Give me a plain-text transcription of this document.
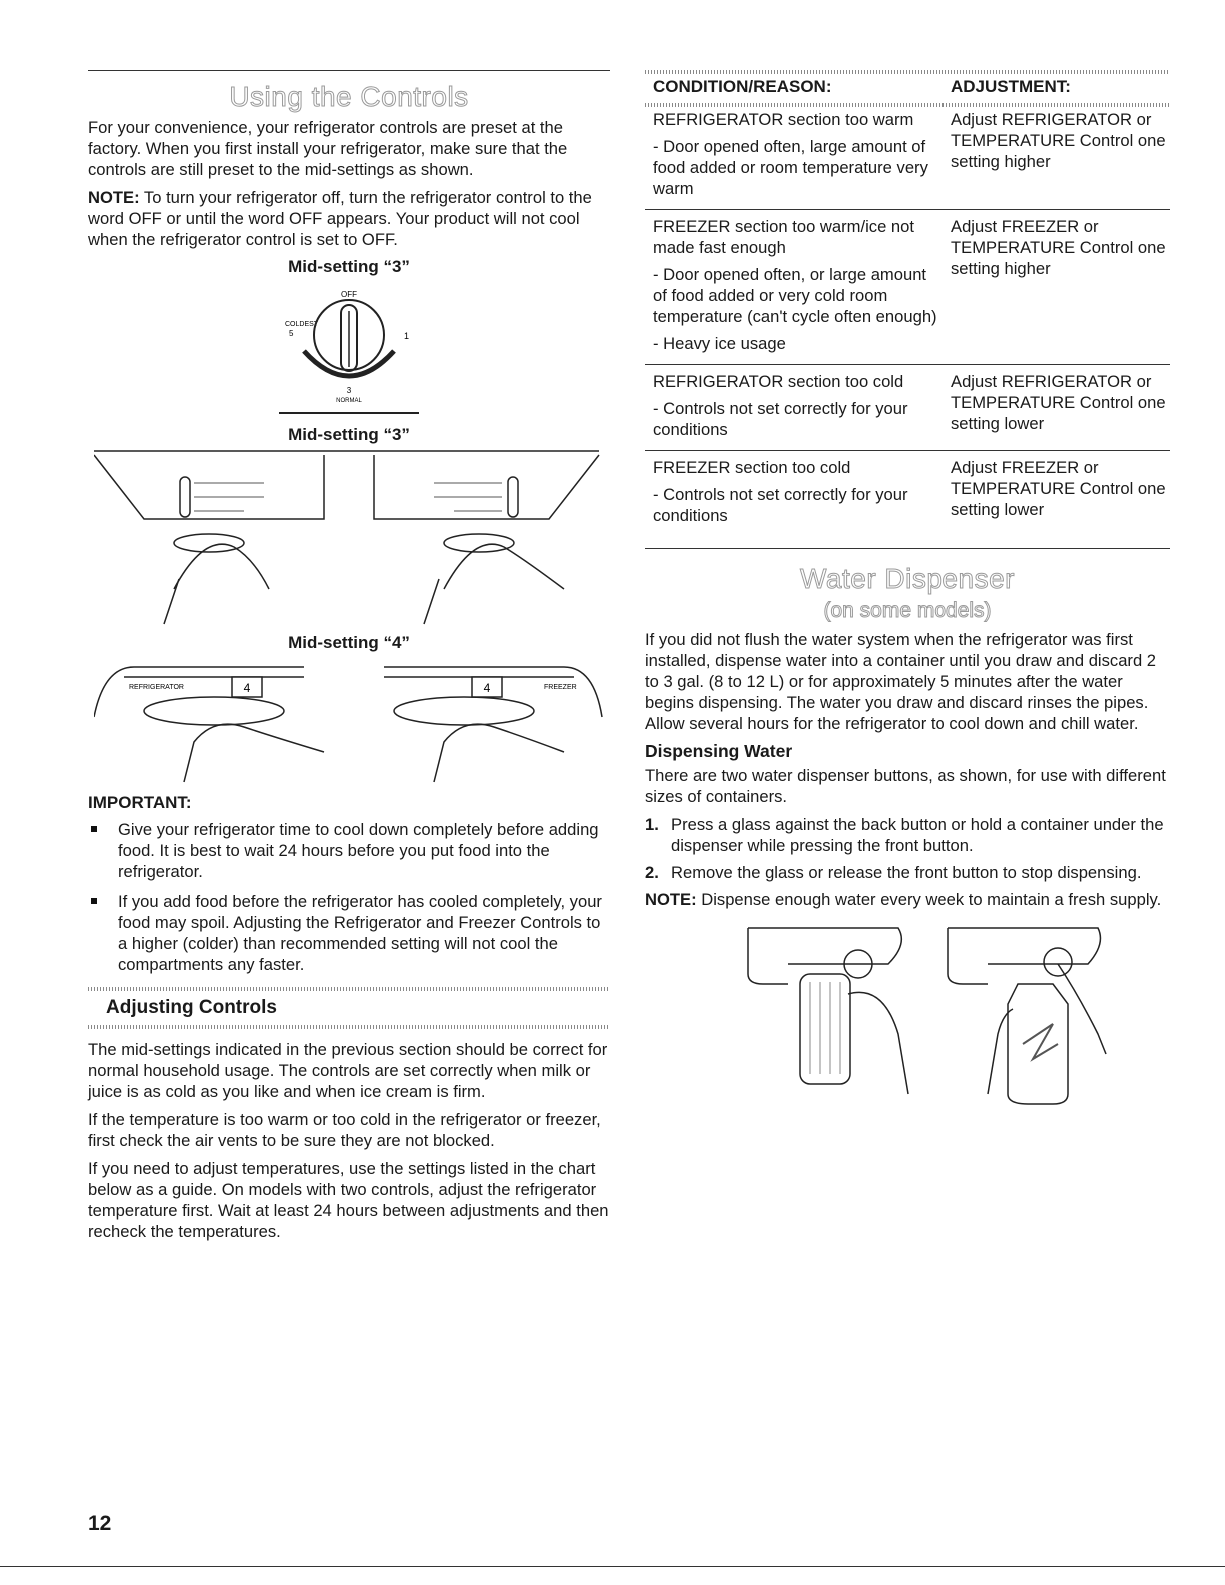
Using the Controls

For your convenience, your refrigerator controls are preset at the factory. When you first install your refrigerator, make sure that the controls are still preset to the mid-settings as shown.

NOTE: To turn your refrigerator off, turn the refrigerator control to the word OFF or until the word OFF appears. Your product will not cool when the refrigerator control is set to OFF.

Mid-setting “3”
OFF
COLDEST
5	1
3
NORMAL
Mid-setting “3”
Mid-setting “4”
REFRIGERATOR	4	FREEZER
4
IMPORTANT:
Give your refrigerator time to cool down completely before adding food. It is best to wait 24 hours before you put food into the refrigerator.
If you add food before the refrigerator has cooled completely, your food may spoil. Adjusting the Refrigerator and Freezer Controls to a higher (colder) than recommended setting will not cool the compartments any faster.
Adjusting Controls

The mid-settings indicated in the previous section should be correct for normal household usage. The controls are set correctly when milk or juice is as cold as you like and when ice cream is firm.

If the temperature is too warm or too cold in the refrigerator or freezer, first check the air vents to be sure they are not blocked.

If you need to adjust temperatures, use the settings listed in the chart below as a guide. On models with two controls, adjust the refrigerator temperature first. Wait at least 24 hours between adjustments and then recheck the temperatures.

CONDITION/REASON:	ADJUSTMENT:

REFRIGERATOR section too warm

- Door opened often, large amount of food added or room temperature very warm	Adjust REFRIGERATOR or TEMPERATURE Control one setting higher

FREEZER section too warm/ice not made fast enough

- Door opened often, or large amount of food added or very cold room temperature (can't cycle often enough)

- Heavy ice usage	Adjust FREEZER or TEMPERATURE Control one setting higher

REFRIGERATOR section too cold

- Controls not set correctly for your conditions	Adjust REFRIGERATOR or TEMPERATURE Control one setting lower

FREEZER section too cold

- Controls not set correctly for your conditions	Adjust FREEZER or TEMPERATURE Control one setting lower
Water Dispenser
(on some models)

If you did not flush the water system when the refrigerator was first installed, dispense water into a container until you draw and discard 2 to 3 gal. (8 to 12 L) or for approximately 5 minutes after the water begins dispensing. The water you draw and discard rinses the pipes. Allow several hours for the refrigerator to cool down and chill water.

Dispensing Water

There are two water dispenser buttons, as shown, for use with different sizes of containers.

1. Press a glass against the back button or hold a container under the dispenser while pressing the front button.
2. Remove the glass or release the front button to stop dispensing.

NOTE: Dispense enough water every week to maintain a fresh supply.

12
